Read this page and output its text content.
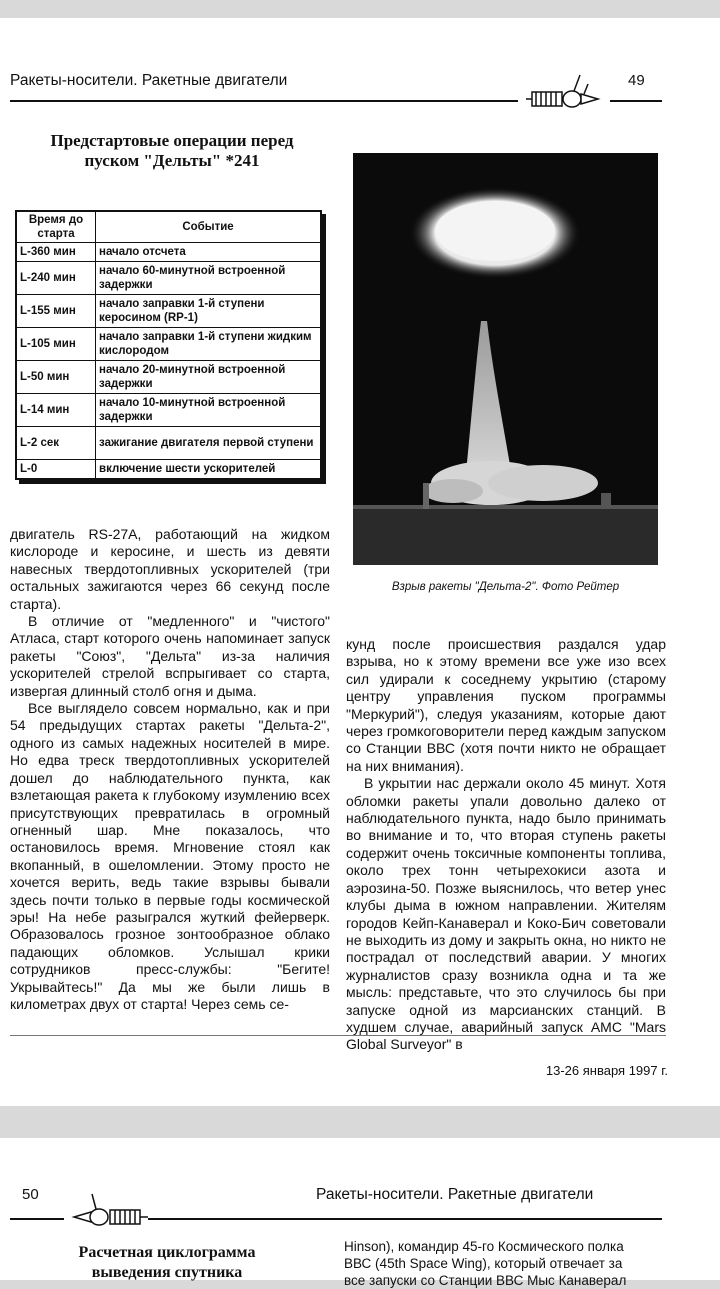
Ракеты-носители. Ракетные двигатели	49
Предстартовые операции перед
пуском "Дельты" *241
Время до старта	Событие
L-360 мин	начало отсчета
L-240 мин	начало 60-минутной встроенной задержки
L-155 мин	начало заправки 1-й ступени керосином (RP-1)
L-105 мин	начало заправки 1-й ступени жидким кислородом
L-50 мин	начало 20-минутной встроенной задержки
L-14 мин	начало 10-минутной встроенной задержки
L-2 сек	зажигание двигателя первой ступени
L-0	включение шести ускорителей

двигатель RS-27A, работающий на жидком кислороде и керосине, и шесть из девяти навесных твердотопливных ускорителей (три остальных зажигаются через 66 секунд после старта).

В отличие от "медленного" и "чистого" Атласа, старт которого очень напоминает запуск ракеты "Союз", "Дельта" из-за наличия ускорителей стрелой вспрыгивает со старта, извергая длинный столб огня и дыма.

Все выглядело совсем нормально, как и при 54 предыдущих стартах ракеты "Дельта-2", одного из самых надежных носителей в мире. Но едва треск твердотопливных ускорителей дошел до наблюдательного пункта, как взлетающая ракета к глубокому изумлению всех присутствующих превратилась в огромный огненный шар. Мне показалось, что остановилось время. Мгновение стоял как вкопанный, в ошеломлении. Этому просто не хочется верить, ведь такие взрывы бывали здесь почти только в первые годы космической эры! На небе разыгрался жуткий фейерверк. Образовалось грозное зонтообразное облако падающих обломков. Услышал крики сотрудников пресс-службы: "Бегите! Укрывайтесь!" Да мы же были лишь в километрах двух от старта! Через семь се-

Взрыв ракеты "Дельта-2". Фото Рейтер

кунд после происшествия раздался удар взрыва, но к этому времени все уже изо всех сил удирали к соседнему укрытию (старому центру управления пуском программы "Меркурий"), следуя указаниям, которые дают через громкоговорители перед каждым запуском со Станции ВВС (хотя почти никто не обращает на них внимания).

В укрытии нас держали около 45 минут. Хотя обломки ракеты упали довольно далеко от наблюдательного пункта, надо было принимать во внимание и то, что вторая ступень ракеты содержит очень токсичные компоненты топлива, около трех тонн четырехокиси азота и аэрозина-50. Позже выяснилось, что ветер унес клубы дыма в южном направлении. Жителям городов Кейп-Канаверал и Коко-Бич советовали не выходить из дому и закрыть окна, но никто не пострадал от последствий аварии. У многих журналистов сразу возникла одна и та же мысль: представьте, что это случилось бы при запуске одной из марсианских станций. В худшем случае, аварийный запуск АМС "Mars Global Surveyor" в

13-26 января 1997 г.
50	Ракеты-носители. Ракетные двигатели
Расчетная циклограмма
выведения спутника

Hinson), командир 45-го Космического полка

ВВС (45th Space Wing), который отвечает за

все запуски со Станции ВВС Мыс Канаверал
